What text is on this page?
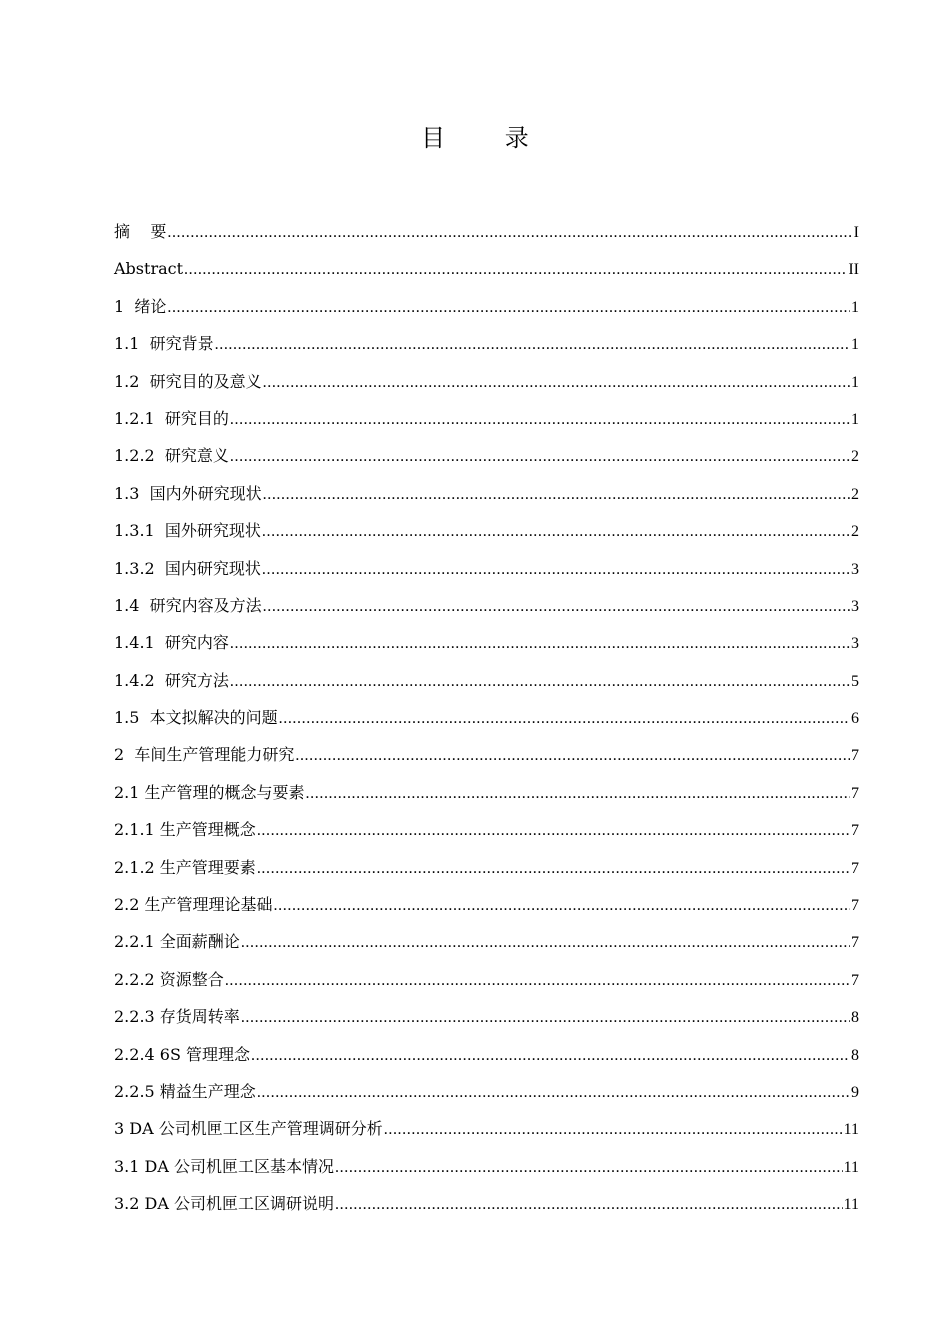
目 录
摘    要 .....	I
Abstract .....	II
1  绪论 .....	1
1.1  研究背景 .....	1
1.2  研究目的及意义 .....	1
1.2.1  研究目的 .....	1
1.2.2  研究意义 .....	2
1.3  国内外研究现状 .....	2
1.3.1  国外研究现状 .....	2
1.3.2  国内研究现状 .....	3
1.4  研究内容及方法 .....	3
1.4.1  研究内容 .....	3
1.4.2  研究方法 .....	5
1.5  本文拟解决的问题 .....	6
2  车间生产管理能力研究 .....	7
2.1 生产管理的概念与要素 .....	7
2.1.1 生产管理概念 .....	7
2.1.2 生产管理要素 .....	7
2.2 生产管理理论基础 .....	7
2.2.1 全面薪酬论 .....	7
2.2.2 资源整合 .....	7
2.2.3 存货周转率 .....	8
2.2.4 6S 管理理念 .....	8
2.2.5 精益生产理念 .....	9
3 DA 公司机匣工区生产管理调研分析 .....	11
3.1 DA 公司机匣工区基本情况 .....	11
3.2 DA 公司机匣工区调研说明 .....	11
